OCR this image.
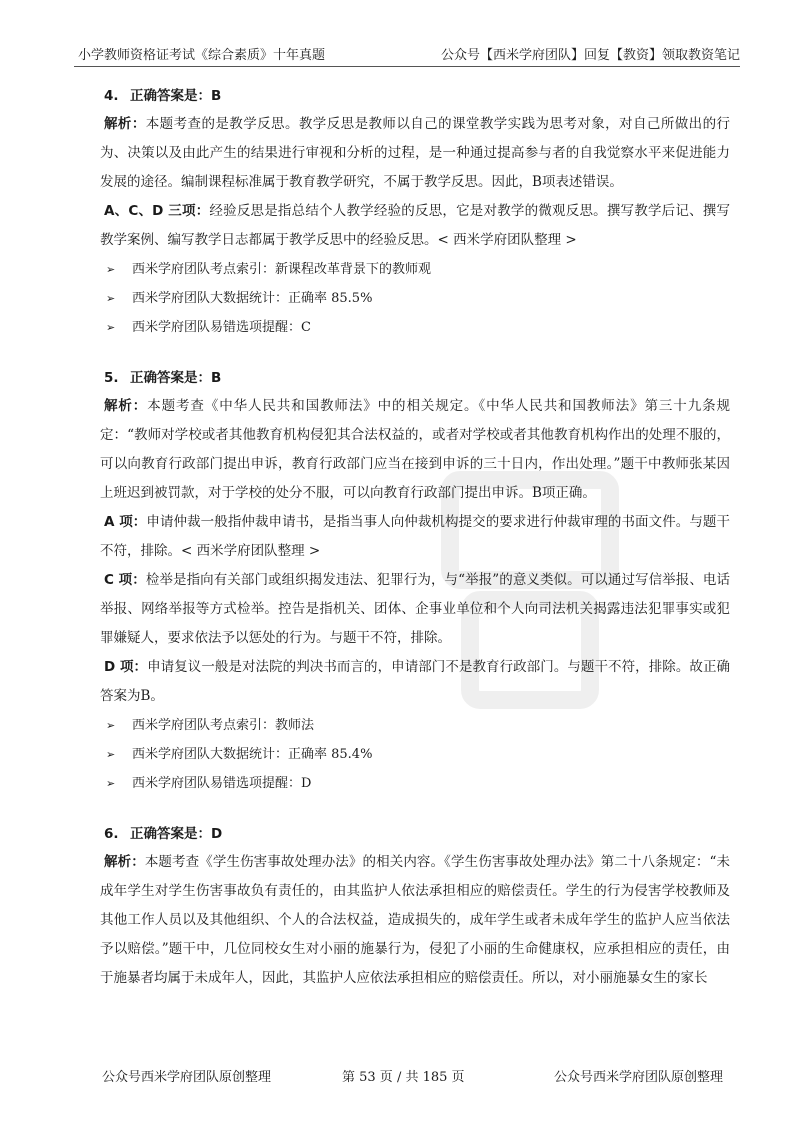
小学教师资格证考试《综合素质》十年真题	公众号【西米学府团队】回复【教资】领取教资笔记
4. 正确答案是：B

解析：本题考查的是教学反思。教学反思是教师以自己的课堂教学实践为思考对象，对自己所做出的行为、决策以及由此产生的结果进行审视和分析的过程，是一种通过提高参与者的自我觉察水平来促进能力发展的途径。编制课程标准属于教育教学研究，不属于教学反思。因此，B项表述错误。

A、C、D 三项：经验反思是指总结个人教学经验的反思，它是对教学的微观反思。撰写教学后记、撰写教学案例、编写教学日志都属于教学反思中的经验反思。< 西米学府团队整理 >

➢ 西米学府团队考点索引：新课程改革背景下的教师观
➢ 西米学府团队大数据统计：正确率 85.5%
➢ 西米学府团队易错选项提醒：C
5. 正确答案是：B

解析：本题考查《中华人民共和国教师法》中的相关规定。《中华人民共和国教师法》第三十九条规定：“教师对学校或者其他教育机构侵犯其合法权益的，或者对学校或者其他教育机构作出的处理不服的，可以向教育行政部门提出申诉，教育行政部门应当在接到申诉的三十日内，作出处理。”题干中教师张某因上班迟到被罚款，对于学校的处分不服，可以向教育行政部门提出申诉。B项正确。

A 项：申请仲裁一般指仲裁申请书，是指当事人向仲裁机构提交的要求进行仲裁审理的书面文件。与题干不符，排除。< 西米学府团队整理 >

C 项：检举是指向有关部门或组织揭发违法、犯罪行为，与“举报”的意义类似。可以通过写信举报、电话举报、网络举报等方式检举。控告是指机关、团体、企事业单位和个人向司法机关揭露违法犯罪事实或犯罪嫌疑人，要求依法予以惩处的行为。与题干不符，排除。

D 项：申请复议一般是对法院的判决书而言的，申请部门不是教育行政部门。与题干不符，排除。故正确答案为B。

➢ 西米学府团队考点索引：教师法
➢ 西米学府团队大数据统计：正确率 85.4%
➢ 西米学府团队易错选项提醒：D
6. 正确答案是：D

解析：本题考查《学生伤害事故处理办法》的相关内容。《学生伤害事故处理办法》第二十八条规定：“未成年学生对学生伤害事故负有责任的，由其监护人依法承担相应的赔偿责任。学生的行为侵害学校教师及其他工作人员以及其他组织、个人的合法权益，造成损失的，成年学生或者未成年学生的监护人应当依法予以赔偿。”题干中，几位同校女生对小丽的施暴行为，侵犯了小丽的生命健康权，应承担相应的责任，由于施暴者均属于未成年人，因此，其监护人应依法承担相应的赔偿责任。所以，对小丽施暴女生的家长

公众号西米学府团队原创整理	第 53 页 / 共 185 页	公众号西米学府团队原创整理
